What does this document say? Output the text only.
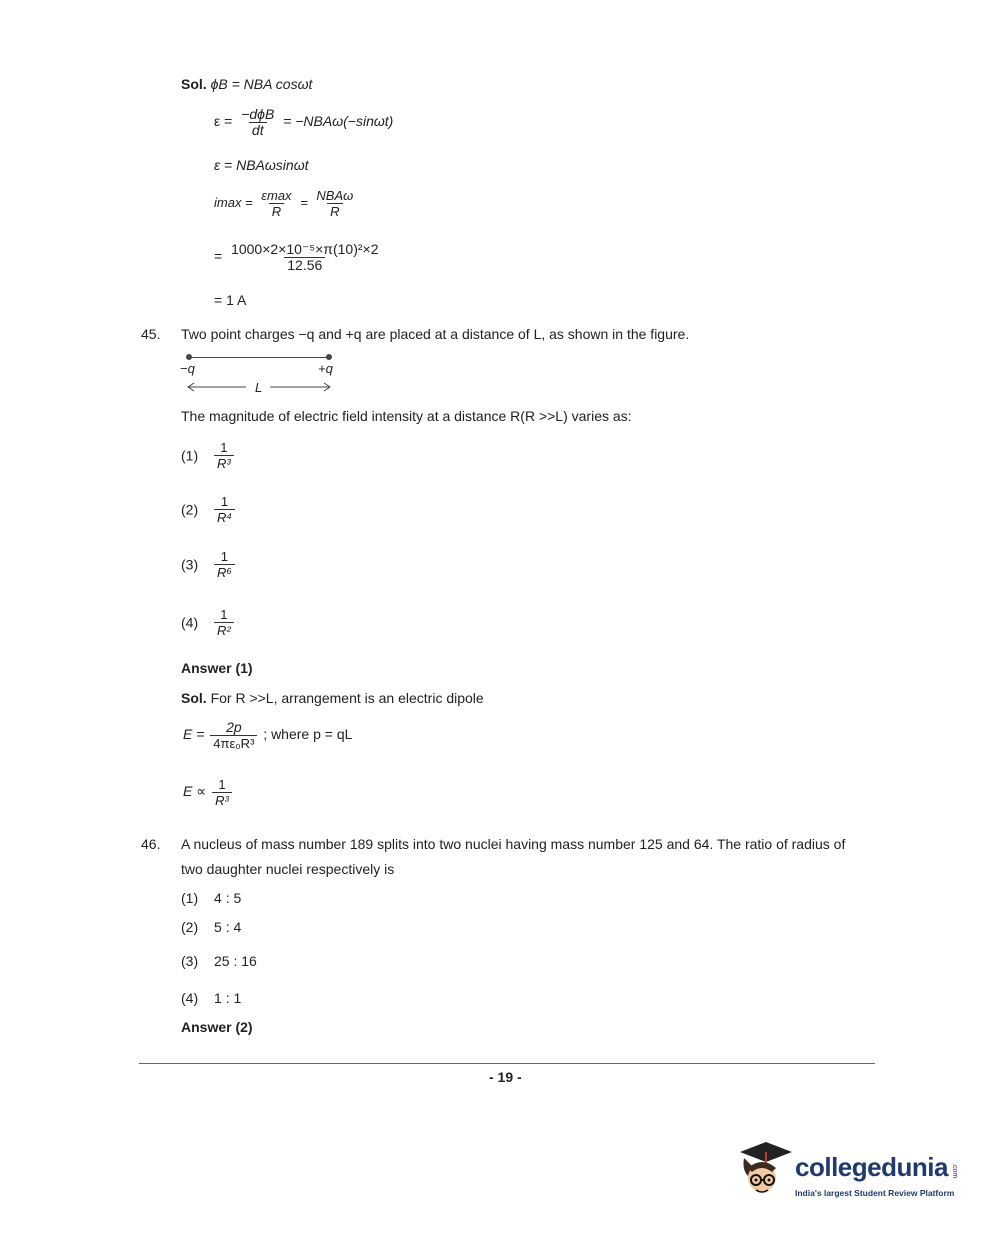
Sol. ϕB = NBA cosωt
$\varepsilon = \frac{\text{−dϕB}}{dt} = -NBA\omega(-\sin\omega t)$
ε = NBAωsinωt
$imax = \frac{\varepsilon\max}{R} = \frac{\text{NBAω}}{R}$
= $\frac{\text{1000×2×10⁻⁵×π(10)²×2}}{12.56}$
= 1 A
45. Two point charges −q and +q are placed at a distance of L, as shown in the figure.
−q	+q
L
The magnitude of electric field intensity at a distance R(R >>L) varies as:
$(1) \frac{1}{\text{R³}}$
$(2) \frac{1}{\text{R⁴}}$
$(3) \frac{1}{\text{R⁶}}$
$(4) \frac{1}{\text{R²}}$
Answer (1)
Sol. For R >>L, arrangement is an electric dipole
$E = \frac{2p}{\text{4πε₀R³}}$ ; where p = qL
$E \propto \frac{1}{\text{R³}}$
46. A nucleus of mass number 189 splits into two nuclei having mass number 125 and 64. The ratio of radius of
two daughter nuclei respectively is
(1) 4 : 5
(2) 5 : 4
(3) 25 : 16
(4) 1 : 1
Answer (2)
- 19 -
collegedunia .com
India's largest Student Review Platform
